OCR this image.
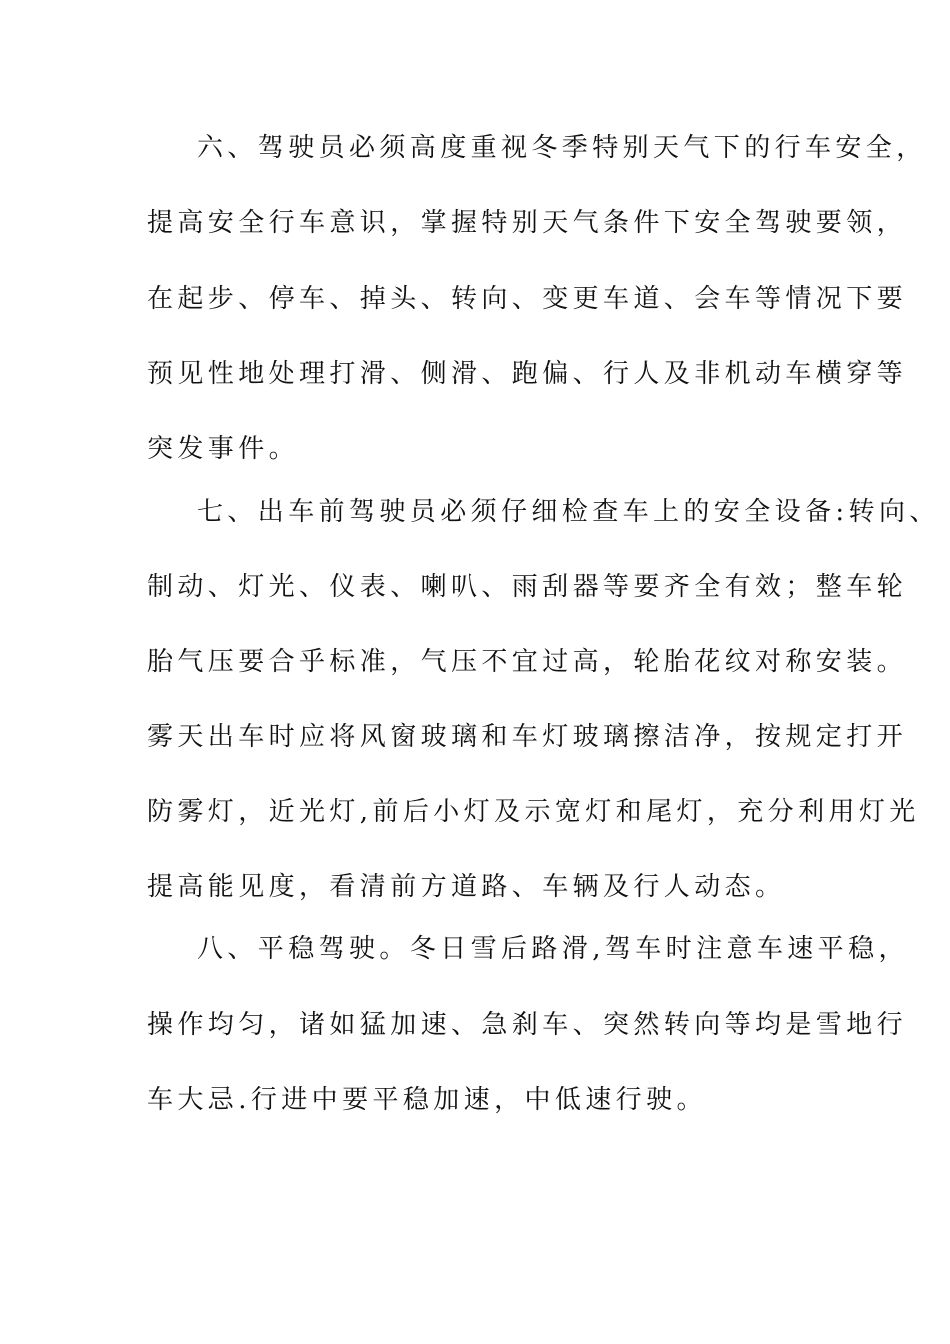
六、驾驶员必须高度重视冬季特别天气下的行车安全，
提高安全行车意识，掌握特别天气条件下安全驾驶要领，
在起步、停车、掉头、转向、变更车道、会车等情况下要
预见性地处理打滑、侧滑、跑偏、行人及非机动车横穿等
突发事件。
七、出车前驾驶员必须仔细检查车上的安全设备:转向、
制动、灯光、仪表、喇叭、雨刮器等要齐全有效；整车轮
胎气压要合乎标准，气压不宜过高，轮胎花纹对称安装。
雾天出车时应将风窗玻璃和车灯玻璃擦洁净，按规定打开
防雾灯，近光灯,前后小灯及示宽灯和尾灯，充分利用灯光
提高能见度，看清前方道路、车辆及行人动态。
八、平稳驾驶。冬日雪后路滑,驾车时注意车速平稳，
操作均匀，诸如猛加速、急刹车、突然转向等均是雪地行
车大忌.行进中要平稳加速，中低速行驶。
